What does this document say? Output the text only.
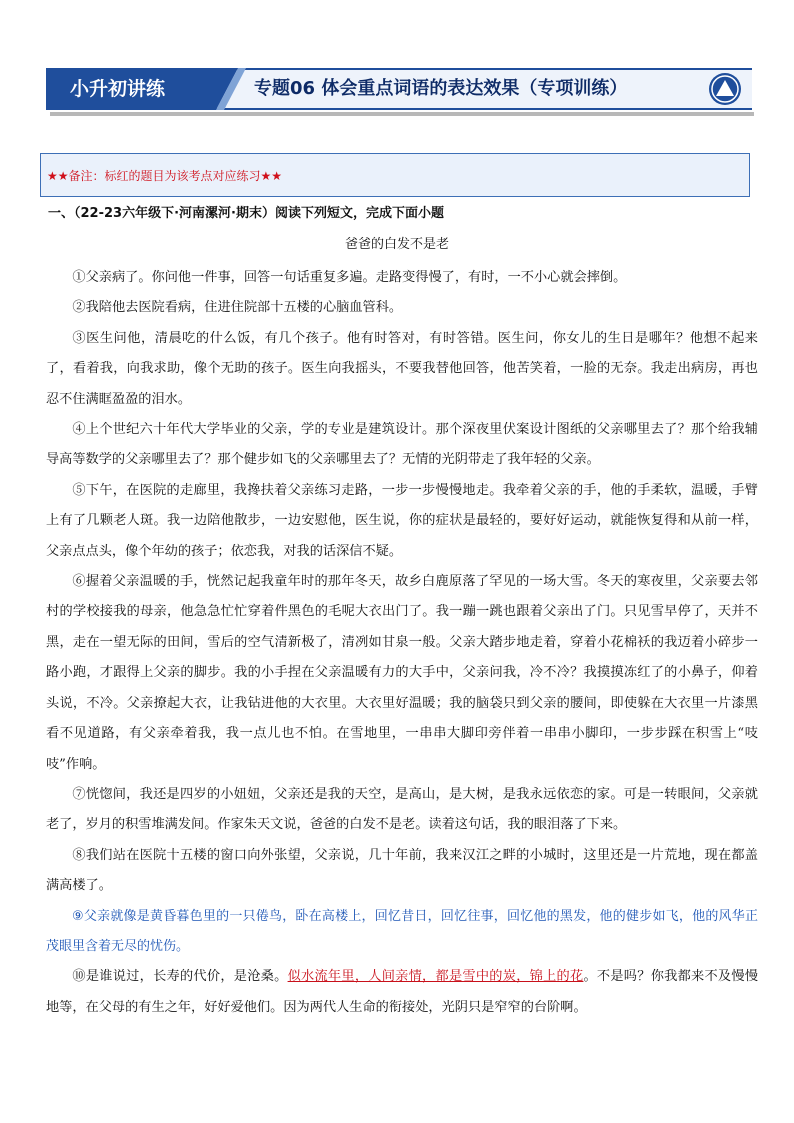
小升初讲练	专题06 体会重点词语的表达效果（专项训练）
★★备注：标红的题目为该考点对应练习★★
一、（22-23六年级下·河南漯河·期末）阅读下列短文，完成下面小题
爸爸的白发不是老

①父亲病了。你问他一件事，回答一句话重复多遍。走路变得慢了，有时，一不小心就会摔倒。

②我陪他去医院看病，住进住院部十五楼的心脑血管科。

③医生问他，清晨吃的什么饭，有几个孩子。他有时答对，有时答错。医生问，你女儿的生日是哪年？他想不起来了，看着我，向我求助，像个无助的孩子。医生向我摇头，不要我替他回答，他苦笑着，一脸的无奈。我走出病房，再也忍不住满眶盈盈的泪水。

④上个世纪六十年代大学毕业的父亲，学的专业是建筑设计。那个深夜里伏案设计图纸的父亲哪里去了？那个给我辅导高等数学的父亲哪里去了？那个健步如飞的父亲哪里去了？无情的光阴带走了我年轻的父亲。

⑤下午，在医院的走廊里，我搀扶着父亲练习走路，一步一步慢慢地走。我牵着父亲的手，他的手柔软，温暖，手臂上有了几颗老人斑。我一边陪他散步，一边安慰他，医生说，你的症状是最轻的，要好好运动，就能恢复得和从前一样，父亲点点头，像个年幼的孩子；依恋我，对我的话深信不疑。

⑥握着父亲温暖的手，恍然记起我童年时的那年冬天，故乡白鹿原落了罕见的一场大雪。冬天的寒夜里，父亲要去邻村的学校接我的母亲，他急急忙忙穿着件黑色的毛呢大衣出门了。我一蹦一跳也跟着父亲出了门。只见雪早停了，天并不黑，走在一望无际的田间，雪后的空气清新极了，清冽如甘泉一般。父亲大踏步地走着，穿着小花棉袄的我迈着小碎步一路小跑，才跟得上父亲的脚步。我的小手捏在父亲温暖有力的大手中，父亲问我，冷不冷？我摸摸冻红了的小鼻子，仰着头说，不冷。父亲撩起大衣，让我钻进他的大衣里。大衣里好温暖；我的脑袋只到父亲的腰间，即使躲在大衣里一片漆黑看不见道路，有父亲牵着我，我一点儿也不怕。在雪地里，一串串大脚印旁伴着一串串小脚印，一步步踩在积雪上“吱吱”作响。

⑦恍惚间，我还是四岁的小妞妞，父亲还是我的天空，是高山，是大树，是我永远依恋的家。可是一转眼间，父亲就老了，岁月的积雪堆满发间。作家朱天文说，爸爸的白发不是老。读着这句话，我的眼泪落了下来。

⑧我们站在医院十五楼的窗口向外张望，父亲说，几十年前，我来汉江之畔的小城时，这里还是一片荒地，现在都盖满高楼了。

⑨父亲就像是黄昏暮色里的一只倦鸟，卧在高楼上，回忆昔日，回忆往事，回忆他的黑发，他的健步如飞，他的风华正茂眼里含着无尽的忧伤。

⑩是谁说过，长寿的代价，是沧桑。似水流年里，人间亲情，都是雪中的炭，锦上的花。不是吗？你我都来不及慢慢地等，在父母的有生之年，好好爱他们。因为两代人生命的衔接处，光阴只是窄窄的台阶啊。
